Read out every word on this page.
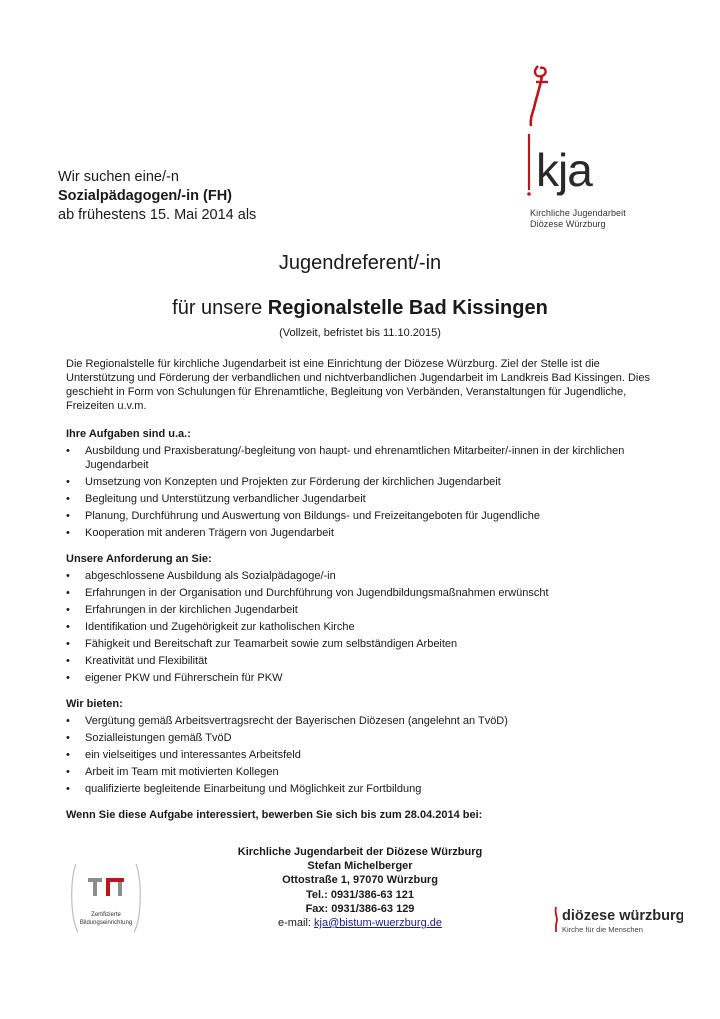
Wir suchen eine/-n
Sozialpädagogen/-in (FH)
ab frühestens 15. Mai 2014 als
kja
Kirchliche Jugendarbeit
Diözese Würzburg
Jugendreferent/-in
für unsere Regionalstelle Bad Kissingen
(Vollzeit, befristet bis 11.10.2015)

Die Regionalstelle für kirchliche Jugendarbeit ist eine Einrichtung der Diözese Würzburg. Ziel der Stelle ist die Unterstützung und Förderung der verbandlichen und nichtverbandlichen Jugendarbeit im Landkreis Bad Kissingen. Dies geschieht in Form von Schulungen für Ehrenamtliche, Begleitung von Verbänden, Veranstaltungen für Jugendliche, Freizeiten u.v.m.

Ihre Aufgaben sind u.a.:
• Ausbildung und Praxisberatung/-begleitung von haupt- und ehrenamtlichen Mitarbeiter/-innen in der kirchlichen Jugendarbeit
• Umsetzung von Konzepten und Projekten zur Förderung der kirchlichen Jugendarbeit
• Begleitung und Unterstützung verbandlicher Jugendarbeit
• Planung, Durchführung und Auswertung von Bildungs- und Freizeitangeboten für Jugendliche
• Kooperation mit anderen Trägern von Jugendarbeit
Unsere Anforderung an Sie:
• abgeschlossene Ausbildung als Sozialpädagoge/-in
• Erfahrungen in der Organisation und Durchführung von Jugendbildungsmaßnahmen erwünscht
• Erfahrungen in der kirchlichen Jugendarbeit
• Identifikation und Zugehörigkeit zur katholischen Kirche
• Fähigkeit und Bereitschaft zur Teamarbeit sowie zum selbständigen Arbeiten
• Kreativität und Flexibilität
• eigener PKW und Führerschein für PKW
Wir bieten:
• Vergütung gemäß Arbeitsvertragsrecht der Bayerischen Diözesen (angelehnt an TvöD)
• Sozialleistungen gemäß TvöD
• ein vielseitiges und interessantes Arbeitsfeld
• Arbeit im Team mit motivierten Kollegen
• qualifizierte begleitende Einarbeitung und Möglichkeit zur Fortbildung
Wenn Sie diese Aufgabe interessiert, bewerben Sie sich bis zum 28.04.2014 bei:
Kirchliche Jugendarbeit der Diözese Würzburg
Stefan Michelberger
Ottostraße 1, 97070 Würzburg
Tel.: 0931/386-63 121
Fax: 0931/386-63 129
e-mail: kja@bistum-wuerzburg.de
Zertifizierte
Bildungseinrichtung	diözese würzburg
Kirche für die Menschen
